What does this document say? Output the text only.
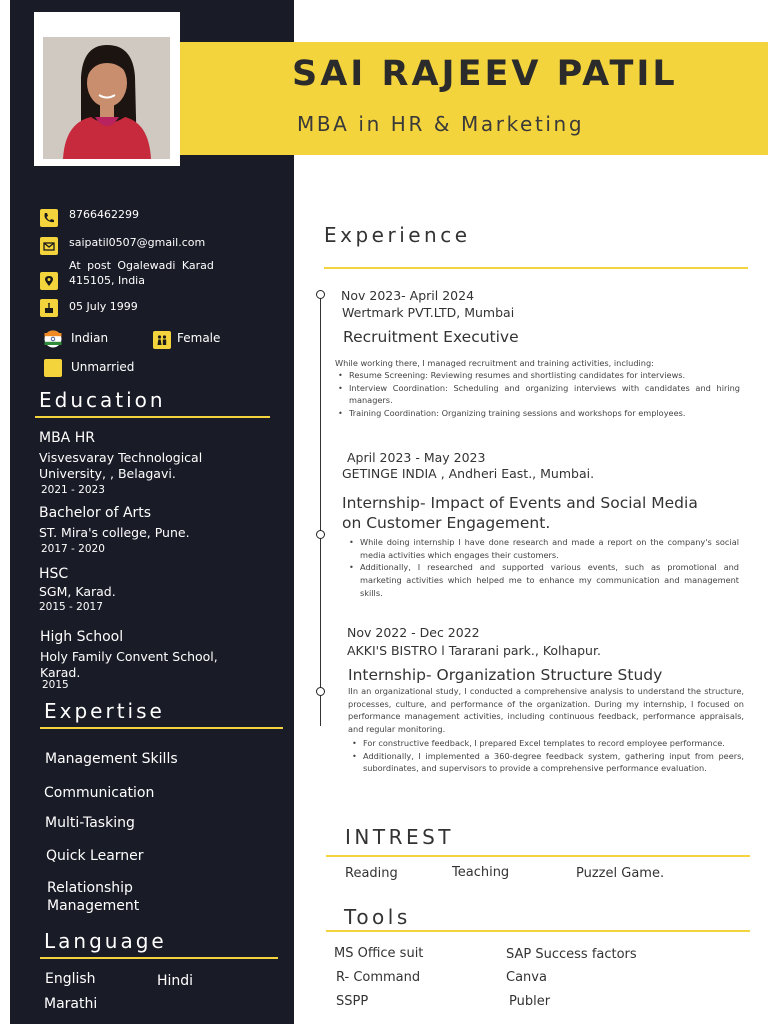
SAI RAJEEV PATIL
MBA in HR & Marketing
8766462299
saipatil0507@gmail.com
At post Ogalewadi Karad
415105, India
05 July 1999
Indian	Female
Unmarried
Education
MBA HR
Visvesvaray Technological
University, , Belagavi.
2021 - 2023
Bachelor of Arts
ST. Mira's college, Pune.
2017 - 2020
HSC
SGM, Karad.
2015 - 2017
High School
Holy Family Convent School,
Karad.
2015
Expertise
Management Skills
Communication
Multi-Tasking
Quick Learner
Relationship
Management
Language
English	Hindi
Marathi
Experience
Nov 2023- April 2024
Wertmark PVT.LTD, Mumbai
Recruitment Executive
While working there, I managed recruitment and training activities, including:
• Resume Screening: Reviewing resumes and shortlisting candidates for interviews.
• Interview Coordination: Scheduling and organizing interviews with candidates and hiring managers.
• Training Coordination: Organizing training sessions and workshops for employees.
April 2023 - May 2023
GETINGE INDIA , Andheri East., Mumbai.
Internship- Impact of Events and Social Media
on Customer Engagement.
• While doing internship I have done research and made a report on the company's social media activities which engages their customers.
• Additionally, I researched and supported various events, such as promotional and marketing activities which helped me to enhance my communication and management skills.
Nov 2022 - Dec 2022
AKKI'S BISTRO l Tararani park., Kolhapur.
Internship- Organization Structure Study
IIn an organizational study, I conducted a comprehensive analysis to understand the structure, processes, culture, and performance of the organization. During my internship, I focused on performance management activities, including continuous feedback, performance appraisals, and regular monitoring.
• For constructive feedback, I prepared Excel templates to record employee performance.
• Additionally, I implemented a 360-degree feedback system, gathering input from peers, subordinates, and supervisors to provide a comprehensive performance evaluation.
INTREST
Reading	Teaching	Puzzel Game.
Tools
MS Office suit	SAP Success factors
R- Command	Canva
SSPP	Publer
